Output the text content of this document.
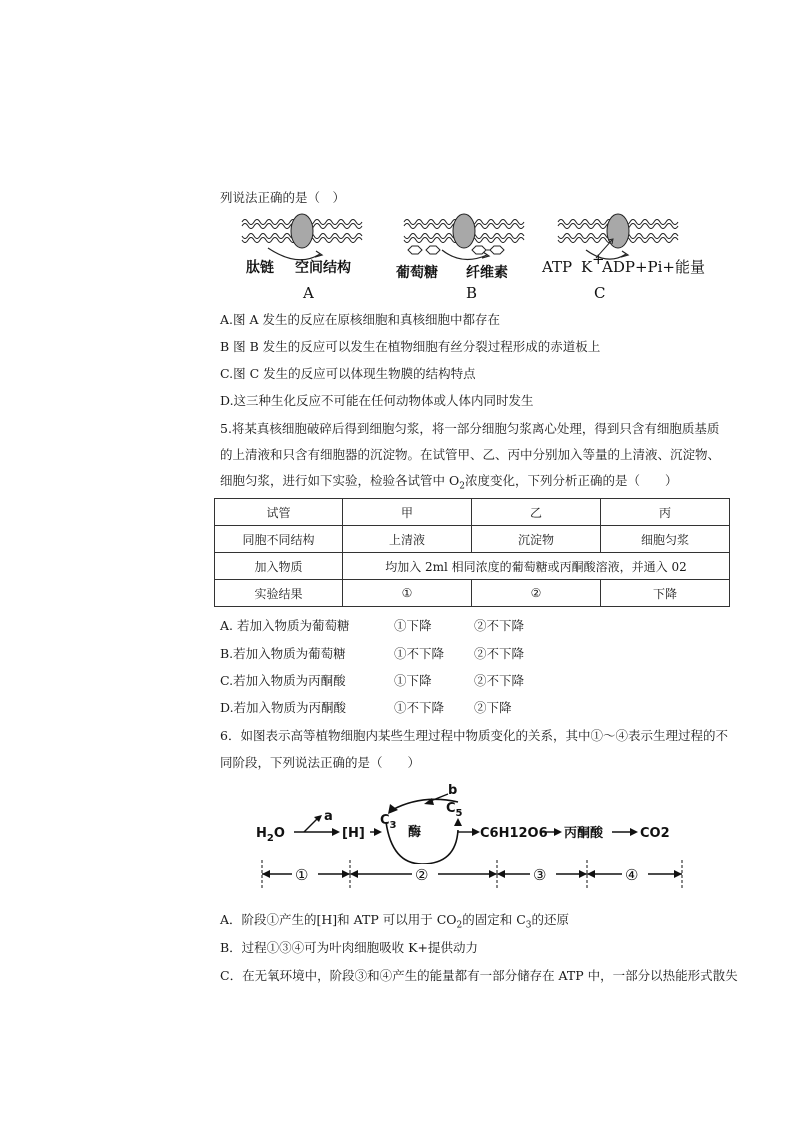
列说法正确的是（　）
肽链 空间结构
A
葡萄糖 纤维素
B
ATP K +
ADP+Pi+能量
C
A.图 A 发生的反应在原核细胞和真核细胞中都存在
B 图 B 发生的反应可以发生在植物细胞有丝分裂过程形成的赤道板上
C.图 C 发生的反应可以体现生物膜的结构特点
D.这三种生化反应不可能在任何动物体或人体内同时发生
5.将某真核细胞破碎后得到细胞匀浆，将一部分细胞匀浆离心处理，得到只含有细胞质基质
的上清液和只含有细胞器的沉淀物。在试管甲、乙、丙中分别加入等量的上清液、沉淀物、
细胞匀浆，进行如下实验，检验各试管中 $O_2$浓度变化，下列分析正确的是（　　）
试管	甲	乙	丙
同胞不同结构	上清液	沉淀物	细胞匀浆
加入物质	均加入 2ml 相同浓度的葡萄糖或丙酮酸溶液，并通入 02		
实验结果	①	②	下降
A. 若加入物质为葡萄糖	①下降	②不下降
B.若加入物质为葡萄糖	①不下降 ②不下降
C.若加入物质为丙酮酸	①下降	②不下降
D.若加入物质为丙酮酸	①不下降 ②下降
6．如图表示高等植物细胞内某些生理过程中物质变化的关系，其中①～④表示生理过程的不
同阶段，下列说法正确的是（　　）
$H_2O$
a
[H]
$C_3$ 酶
$C_5$
b
C6H12O6 丙酮酸	CO2
①	②	③	④
A．阶段①产生的[H]和 ATP 可以用于 $CO_2$的固定和 $C_3$的还原
B．过程①③④可为叶肉细胞吸收 K+提供动力
C．在无氧环境中，阶段③和④产生的能量都有一部分储存在 ATP 中，一部分以热能形式散失
